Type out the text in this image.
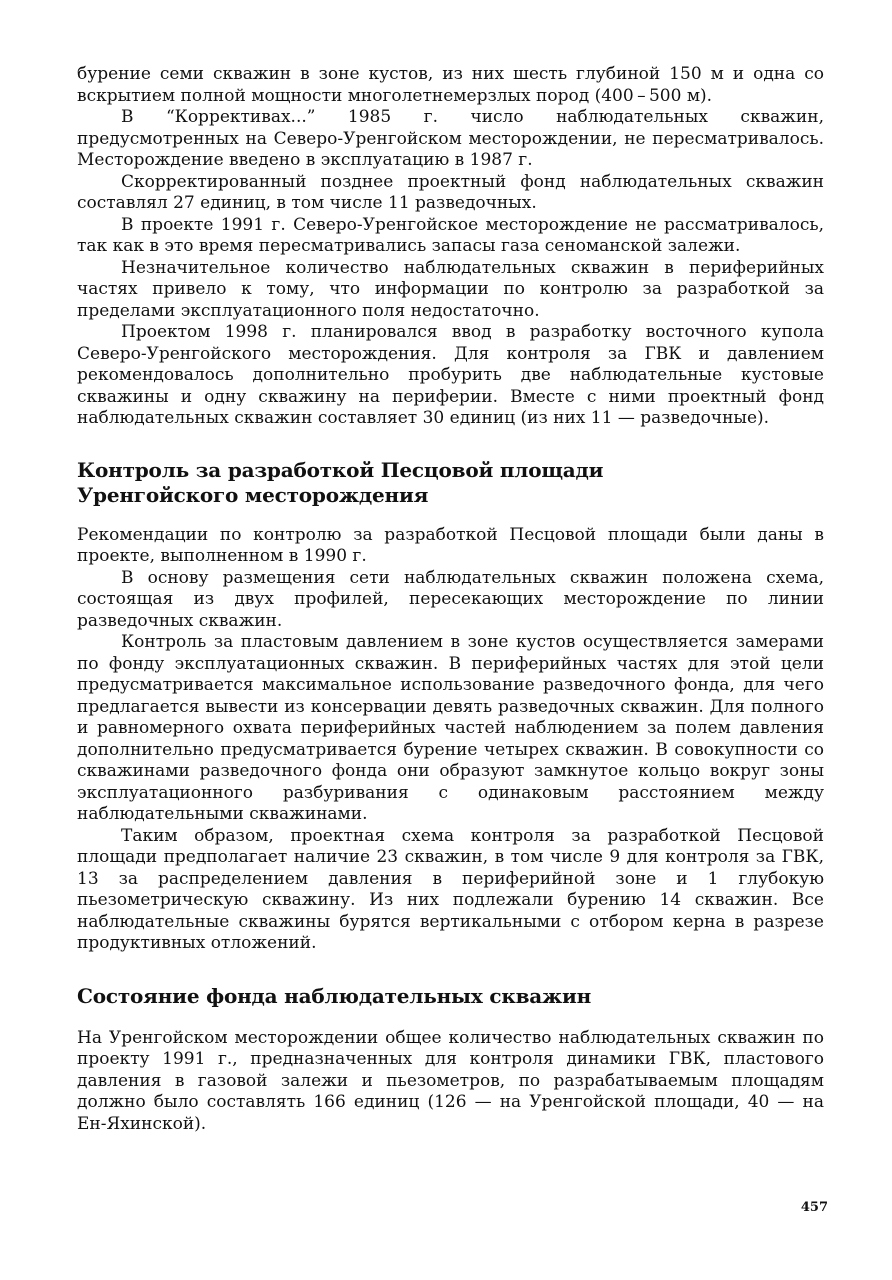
бурение семи скважин в зоне кустов, из них шесть глубиной 150 м и одна со вскрытием полной мощности многолетнемерзлых пород (400 – 500 м).

В “Коррективах...” 1985 г. число наблюдательных скважин, предусмотренных на Северо-Уренгойском месторождении, не пересматривалось. Месторождение введено в эксплуатацию в 1987 г.

Скорректированный позднее проектный фонд наблюдательных скважин составлял 27 единиц, в том числе 11 разведочных.

В проекте 1991 г. Северо-Уренгойское месторождение не рассматривалось, так как в это время пересматривались запасы газа сеноманской залежи.

Незначительное количество наблюдательных скважин в периферийных частях привело к тому, что информации по контролю за разработкой за пределами эксплуатационного поля недостаточно.

Проектом 1998 г. планировался ввод в разработку восточного купола Северо-Уренгойского месторождения. Для контроля за ГВК и давлением рекомендовалось дополнительно пробурить две наблюдательные кустовые скважины и одну скважину на периферии. Вместе с ними проектный фонд наблюдательных скважин составляет 30 единиц (из них 11 — разведочные).

Контроль за разработкой Песцовой площади
Уренгойского месторождения

Рекомендации по контролю за разработкой Песцовой площади были даны в проекте, выполненном в 1990 г.

В основу размещения сети наблюдательных скважин положена схема, состоящая из двух профилей, пересекающих месторождение по линии разведочных скважин.

Контроль за пластовым давлением в зоне кустов осуществляется замерами по фонду эксплуатационных скважин. В периферийных частях для этой цели предусматривается максимальное использование разведочного фонда, для чего предлагается вывести из консервации девять разведочных скважин. Для полного и равномерного охвата периферийных частей наблюдением за полем давления дополнительно предусматривается бурение четырех скважин. В совокупности со скважинами разведочного фонда они образуют замкнутое кольцо вокруг зоны эксплуатационного разбуривания с одинаковым расстоянием между наблюдательными скважинами.

Таким образом, проектная схема контроля за разработкой Песцовой площади предполагает наличие 23 скважин, в том числе 9 для контроля за ГВК, 13 за распределением давления в периферийной зоне и 1 глубокую пьезометрическую скважину. Из них подлежали бурению 14 скважин. Все наблюдательные скважины бурятся вертикальными с отбором керна в разрезе продуктивных отложений.

Состояние фонда наблюдательных скважин

На Уренгойском месторождении общее количество наблюдательных скважин по проекту 1991 г., предназначенных для контроля динамики ГВК, пластового давления в газовой залежи и пьезометров, по разрабатываемым площадям должно было составлять 166 единиц (126 — на Уренгойской площади, 40 — на Ен-Яхинской).

457
